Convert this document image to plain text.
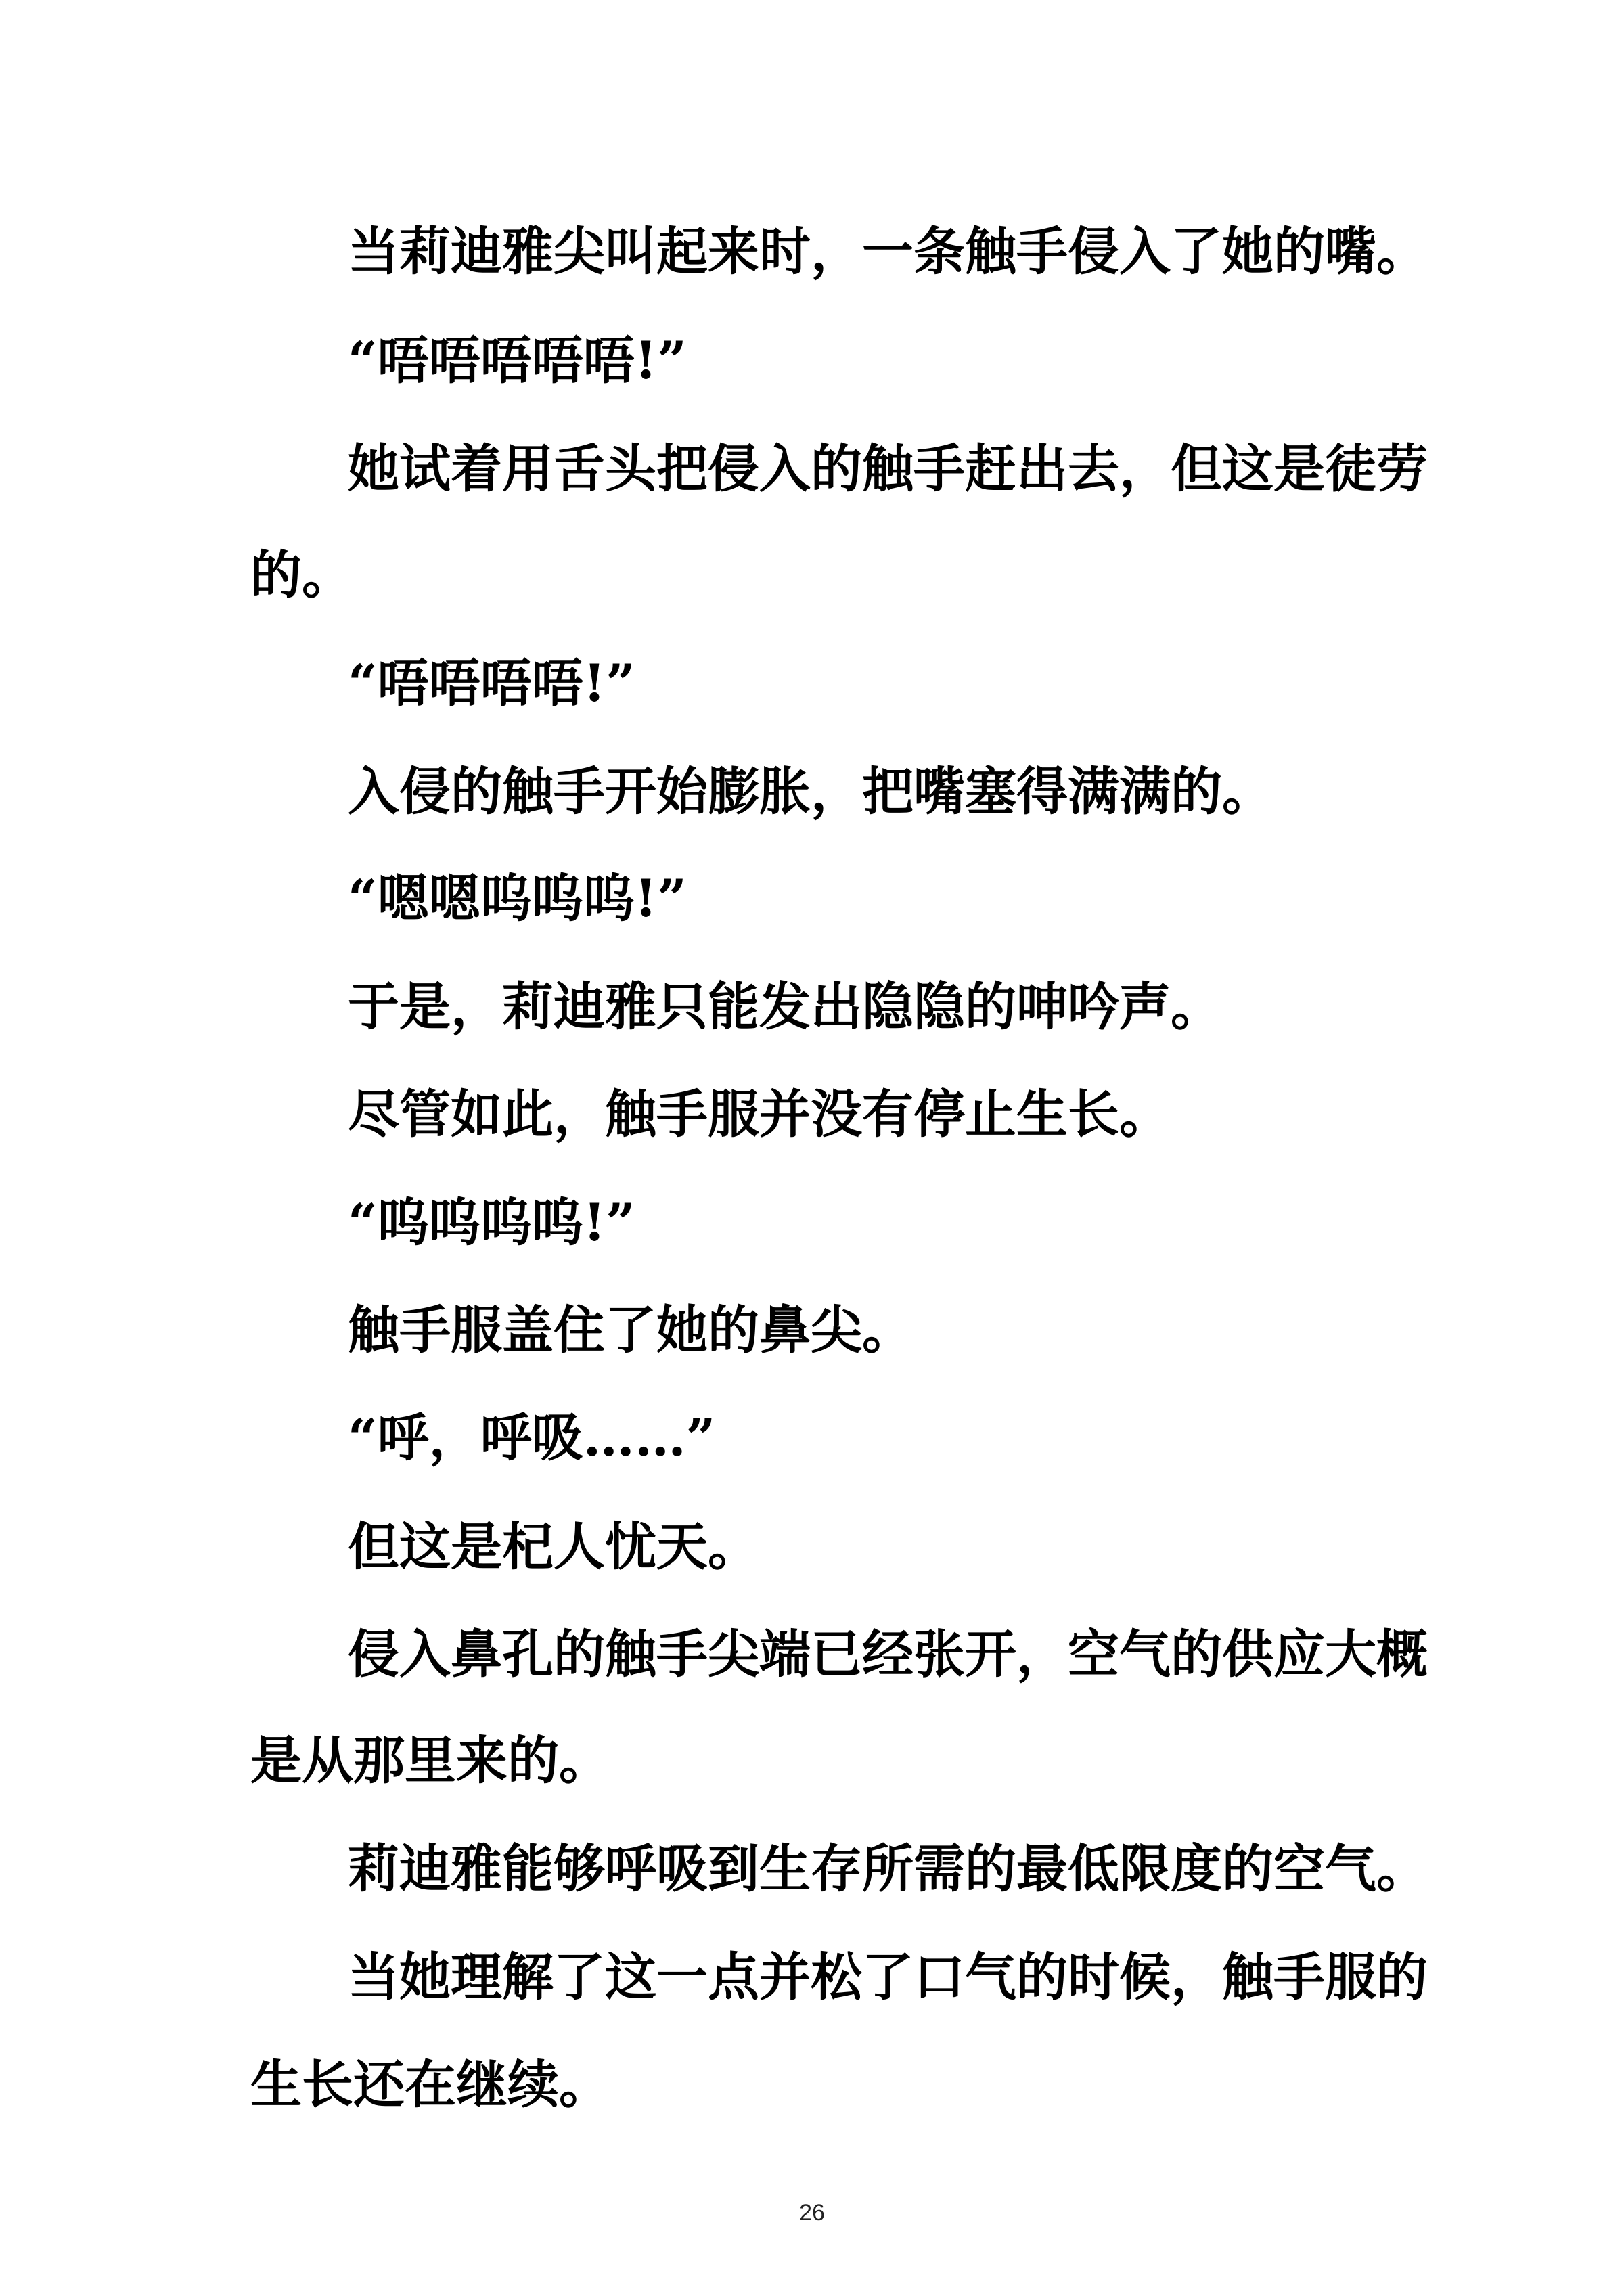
当莉迪雅尖叫起来时，一条触手侵入了她的嘴。
“唔唔唔唔唔!”
她试着用舌头把侵入的触手赶出去，但这是徒劳
的。
“唔唔唔唔!”
入侵的触手开始膨胀，把嘴塞得满满的。
“嗯嗯呜呜呜!”
于是，莉迪雅只能发出隐隐的呻吟声。
尽管如此，触手服并没有停止生长。
“呜呜呜呜!”
触手服盖住了她的鼻尖。
“呼，呼吸……”
但这是杞人忧天。
侵入鼻孔的触手尖端已经张开，空气的供应大概
是从那里来的。
莉迪雅能够呼吸到生存所需的最低限度的空气。
当她理解了这一点并松了口气的时候，触手服的
生长还在继续。
26
